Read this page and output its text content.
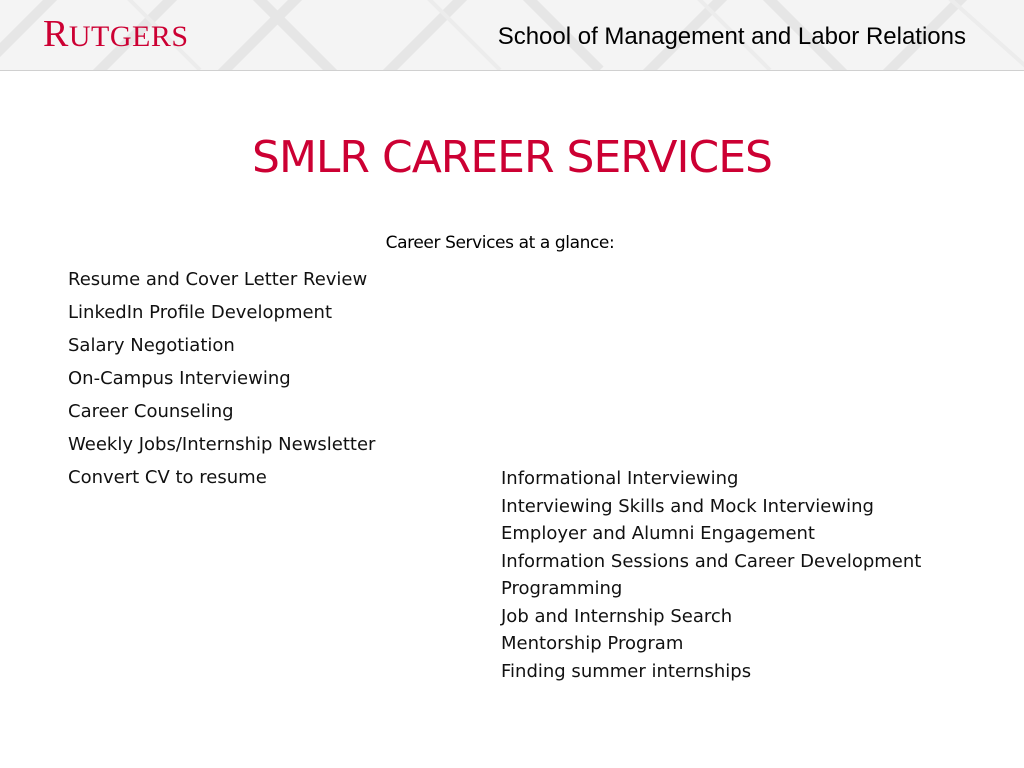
RUTGERS	School of Management and Labor Relations
SMLR CAREER SERVICES
Career Services at a glance:
Resume and Cover Letter Review
LinkedIn Profile Development
Salary Negotiation
On-Campus Interviewing
Career Counseling
Weekly Jobs/Internship Newsletter
Convert CV to resume	Informational Interviewing
Interviewing Skills and Mock Interviewing
Employer and Alumni Engagement
Information Sessions and Career Development Programming
Job and Internship Search
Mentorship Program
Finding summer internships
